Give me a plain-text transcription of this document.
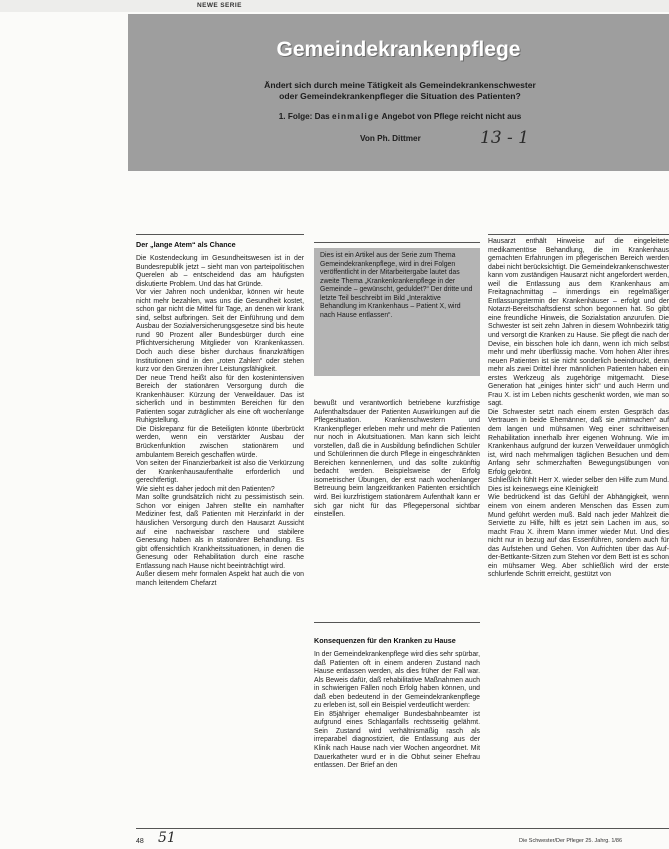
NEWE SERIE
Gemeindekrankenpflege
Ändert sich durch meine Tätigkeit als Gemeindekrankenschwester
oder Gemeindekrankenpfleger die Situation des Patienten?
1. Folge: Das einmalige Angebot von Pflege reicht nicht aus
Von Ph. Dittmer	13 - 1

Der „lange Atem“ als Chance

Die Kostendeckung im Gesundheitswesen ist in der Bundesrepublik jetzt – sieht man von parteipolitischen Querelen ab – entscheidend das am häufigsten diskutierte Problem. Und das hat Gründe.

Vor vier Jahren noch undenkbar, können wir heute nicht mehr bezahlen, was uns die Gesundheit kostet, schon gar nicht die Mittel für Tage, an denen wir krank sind, selbst aufbringen. Seit der Einführung und dem Ausbau der Sozialversicherungsgesetze sind bis heute rund 90 Prozent aller Bundesbürger durch eine Pflichtversicherung Mitglieder von Krankenkassen. Doch auch diese bisher durchaus finanzkräftigen Institutionen sind in den „roten Zahlen“ oder stehen kurz vor den Grenzen ihrer Leistungsfähigkeit.

Der neue Trend heißt also für den kostenintensiven Bereich der stationären Versorgung durch die Krankenhäuser: Kürzung der Verweildauer. Das ist sicherlich und in bestimmten Bereichen für den Patienten sogar zuträglicher als eine oft wochenlange Ruhigstellung.

Die Diskrepanz für die Beteiligten könnte überbrückt werden, wenn ein verstärkter Ausbau der Brückenfunktion zwischen stationärem und ambulantem Bereich geschaffen würde.

Von seiten der Finanzierbarkeit ist also die Verkürzung der Krankenhausaufenthalte erforderlich und gerechtfertigt.

Wie sieht es daher jedoch mit den Patienten?

Man sollte grundsätzlich nicht zu pessimistisch sein. Schon vor einigen Jahren stellte ein namhafter Mediziner fest, daß Patienten mit Herzinfarkt in der häuslichen Versorgung durch den Hausarzt Aussicht auf eine nachweisbar raschere und stabilere Genesung haben als in stationärer Behandlung. Es gibt offensichtlich Krankheitssituationen, in denen die Genesung oder Rehabilitation durch eine rasche Entlassung nach Hause nicht beeinträchtigt wird.

Außer diesem mehr formalen Aspekt hat auch die von manch leitendem Chefarzt

Dies ist ein Artikel aus der Serie zum Thema Gemeindekrankenpflege, wird in drei Folgen veröffentlicht in der Mitarbeitergabe lautet das zweite Thema „Krankenkrankenpflege in der Gemeinde – gewünscht, geduldet?“ Der dritte und letzte Teil beschreibt im Bild „Interaktive Behandlung im Krankenhaus – Patient X, wird nach Hause entlassen“.

bewußt und verantwortlich betriebene kurzfristige Aufenthaltsdauer der Patienten Auswirkungen auf die Pflegesituation. Krankenschwestern und Krankenpfleger erleben mehr und mehr die Patienten nur noch in Akutsituationen. Man kann sich leicht vorstellen, daß die in Ausbildung befindlichen Schüler und Schülerinnen die durch Pflege in eingeschränkten Bereichen kennenlernen, und das sollte zukünftig bedacht werden. Beispielsweise der Erfolg isometrischer Übungen, der erst nach wochenlanger Betreuung beim langzeitkranken Patienten ersichtlich wird. Bei kurzfristigem stationärem Aufenthalt kann er sich gar nicht für das Pflegepersonal sichtbar einstellen.

Konsequenzen für den Kranken zu Hause

In der Gemeindekrankenpflege wird dies sehr spürbar, daß Patienten oft in einem anderen Zustand nach Hause entlassen werden, als dies früher der Fall war. Als Beweis dafür, daß rehabilitative Maßnahmen auch in schwierigen Fällen noch Erfolg haben können, und daß eben bedeutend in der Gemeindekrankenpflege zu erleben ist, soll ein Beispiel verdeutlicht werden:

Ein 85jähriger ehemaliger Bundesbahnbeamter ist aufgrund eines Schlaganfalls rechtsseitig gelähmt. Sein Zustand wird verhältnismäßig rasch als irreparabel diagnostiziert, die Entlassung aus der Klinik nach Hause nach vier Wochen angeordnet. Mit Dauerkatheter wurd er in die Obhut seiner Ehefrau entlassen. Der Brief an den

Hausarzt enthält Hinweise auf die eingeleitete medikamentöse Behandlung, die im Krankenhaus gemachten Erfahrungen im pflegerischen Bereich werden dabei nicht berücksichtigt. Die Gemeindekrankenschwester kann vom zuständigen Hausarzt nicht angefordert werden, weil die Entlassung aus dem Krankenhaus am Freitagnachmittag – inmerdings ein regelmäßiger Entlassungstermin der Krankenhäuser – erfolgt und der Notarzt-Bereitschaftsdienst schon begonnen hat. So gibt eine freundliche Hinweis, die Sozialstation anzurufen. Die Schwester ist seit zehn Jahren in diesem Wohnbezirk tätig und versorgt die Kranken zu Hause. Sie pflegt die nach der Devise, ein bisschen hole ich dann, wenn ich mich selbst mehr und mehr überflüssig mache. Vom hohen Alter ihres neuen Patienten ist sie nicht sonderlich beeindruckt, denn mehr als zwei Drittel ihrer männlichen Patienten haben ein erstes Werkzeug als zugehörige mitgemacht. Diese Generation hat „einiges hinter sich“ und auch Herrn und Frau X. ist im Leben nichts geschenkt worden, wie man so sagt.

Die Schwester setzt nach einem ersten Gespräch das Vertrauen in beide Ehemänner, daß sie „mitmachen“ auf dem langen und mühsamen Weg einer schrittweisen Rehabilitation innerhalb ihrer eigenen Wohnung. Wie im Krankenhaus aufgrund der kurzen Verweildauer unmöglich ist, wird nach mehrmaligen täglichen Besuchen und dem Anfang sehr schmerzhaften Bewegungsübungen von Erfolg gekrönt.

Schließlich fühlt Herr X. wieder selber den Hilfe zum Mund. Dies ist keineswegs eine Kleinigkeit!

Wie bedrückend ist das Gefühl der Abhängigkeit, wenn einem von einem anderen Menschen das Essen zum Mund geführt werden muß. Bald nach jeder Mahlzeit die Serviette zu Hilfe, hilft es jetzt sein Lachen im aus, so macht Frau X. ihrem Mann immer wieder Mut. Und dies nicht nur in bezug auf das Essenführen, sondern auch für das Aufstehen und Gehen. Von Aufrichten über das Auf-der-Bettkante-Sitzen zum Stehen vor dem Bett ist es schon ein mühsamer Weg. Aber schließlich wird der erste schlurfende Schritt erreicht, gestützt von

48 51	Die Schwester/Der Pfleger 25. Jahrg. 1/86
